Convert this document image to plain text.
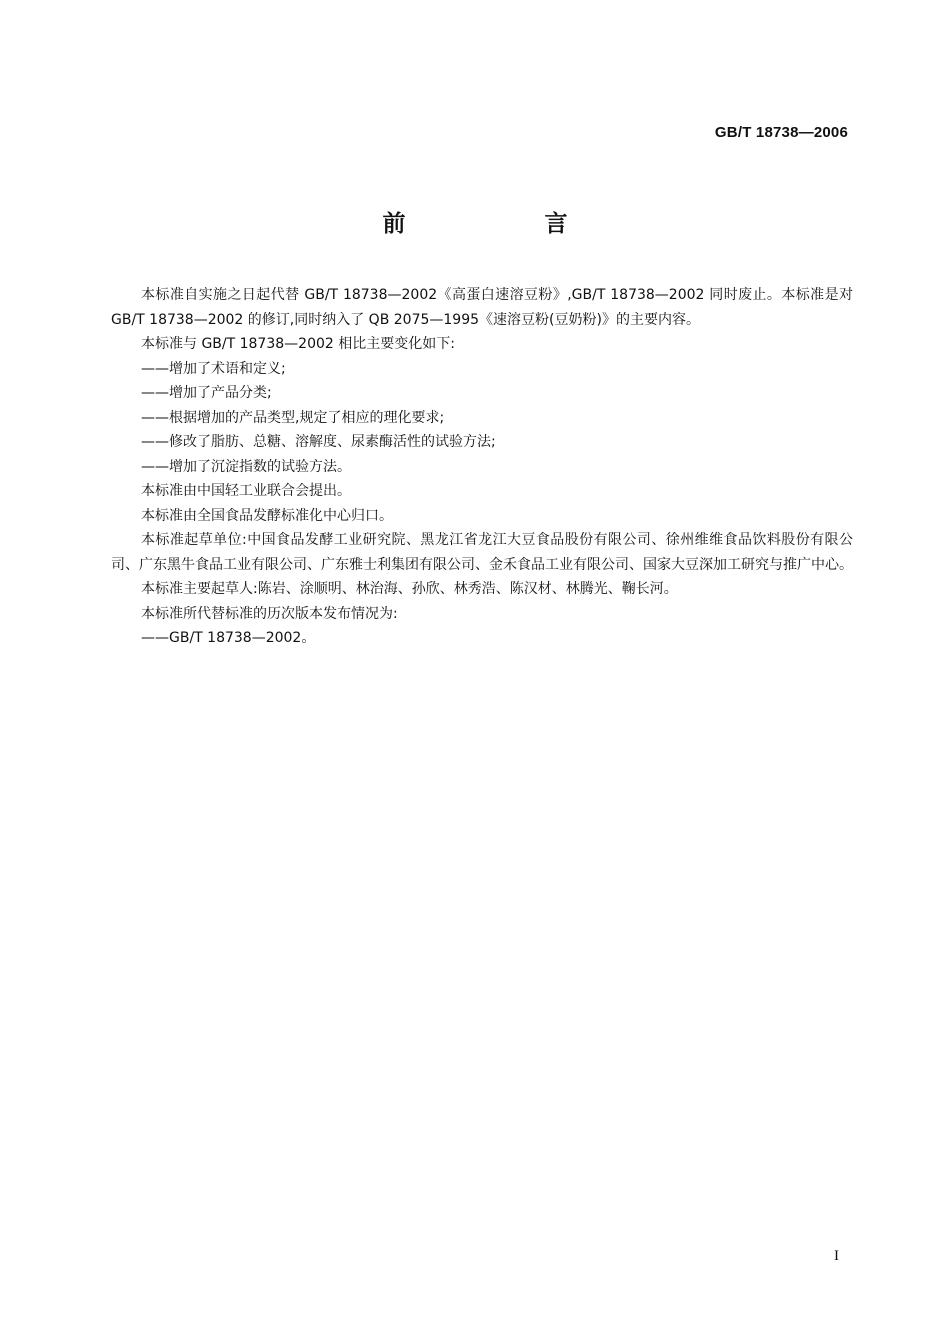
GB/T 18738—2006
前　言

本标准自实施之日起代替 GB/T 18738—2002《高蛋白速溶豆粉》,GB/T 18738—2002 同时废止。本标准是对 GB/T 18738—2002 的修订,同时纳入了 QB 2075—1995《速溶豆粉(豆奶粉)》的主要内容。

本标准与 GB/T 18738—2002 相比主要变化如下:

——增加了术语和定义;

——增加了产品分类;

——根据增加的产品类型,规定了相应的理化要求;

——修改了脂肪、总糖、溶解度、尿素酶活性的试验方法;

——增加了沉淀指数的试验方法。

本标准由中国轻工业联合会提出。

本标准由全国食品发酵标准化中心归口。

本标准起草单位:中国食品发酵工业研究院、黑龙江省龙江大豆食品股份有限公司、徐州维维食品饮料股份有限公司、广东黑牛食品工业有限公司、广东雅士利集团有限公司、金禾食品工业有限公司、国家大豆深加工研究与推广中心。

本标准主要起草人:陈岩、涂顺明、林治海、孙欣、林秀浩、陈汉材、林腾光、鞠长河。

本标准所代替标准的历次版本发布情况为:

——GB/T 18738—2002。

I
